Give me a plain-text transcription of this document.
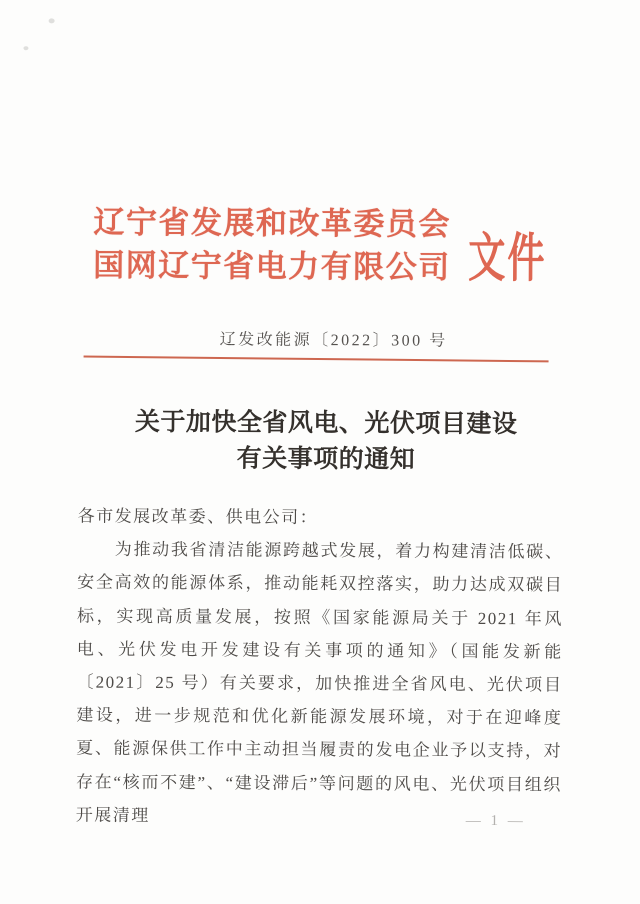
辽宁省发展和改革委员会
国网辽宁省电力有限公司 文件
辽发改能源〔2022〕300 号
关于加快全省风电、光伏项目建设
有关事项的通知

各市发展改革委、供电公司：

为推动我省清洁能源跨越式发展，着力构建清洁低碳、安全高效的能源体系，推动能耗双控落实，助力达成双碳目标，实现高质量发展，按照《国家能源局关于 2021 年风电、光伏发电开发建设有关事项的通知》（国能发新能〔2021〕25 号）有关要求，加快推进全省风电、光伏项目建设，进一步规范和优化新能源发展环境，对于在迎峰度夏、能源保供工作中主动担当履责的发电企业予以支持，对存在“核而不建”、“建设滞后”等问题的风电、光伏项目组织开展清理	— 1 —
